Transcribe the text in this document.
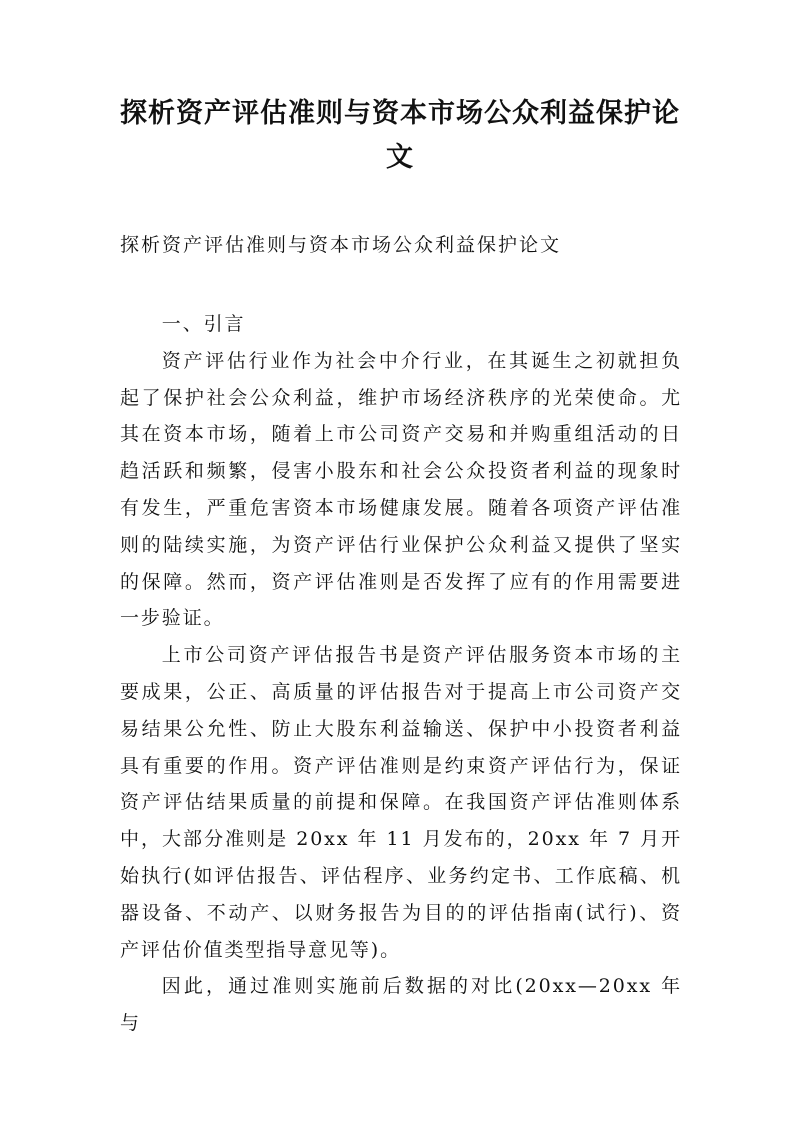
探析资产评估准则与资本市场公众利益保护论文
探析资产评估准则与资本市场公众利益保护论文

一、引言

资产评估行业作为社会中介行业，在其诞生之初就担负起了保护社会公众利益，维护市场经济秩序的光荣使命。尤其在资本市场，随着上市公司资产交易和并购重组活动的日趋活跃和频繁，侵害小股东和社会公众投资者利益的现象时有发生，严重危害资本市场健康发展。随着各项资产评估准则的陆续实施，为资产评估行业保护公众利益又提供了坚实的保障。然而，资产评估准则是否发挥了应有的作用需要进一步验证。

上市公司资产评估报告书是资产评估服务资本市场的主要成果，公正、高质量的评估报告对于提高上市公司资产交易结果公允性、防止大股东利益输送、保护中小投资者利益具有重要的作用。资产评估准则是约束资产评估行为，保证资产评估结果质量的前提和保障。在我国资产评估准则体系中，大部分准则是 20xx 年 11 月发布的，20xx 年 7 月开始执行(如评估报告、评估程序、业务约定书、工作底稿、机器设备、不动产、以财务报告为目的的评估指南(试行)、资产评估价值类型指导意见等)。

因此，通过准则实施前后数据的对比(20xx—20xx 年与
